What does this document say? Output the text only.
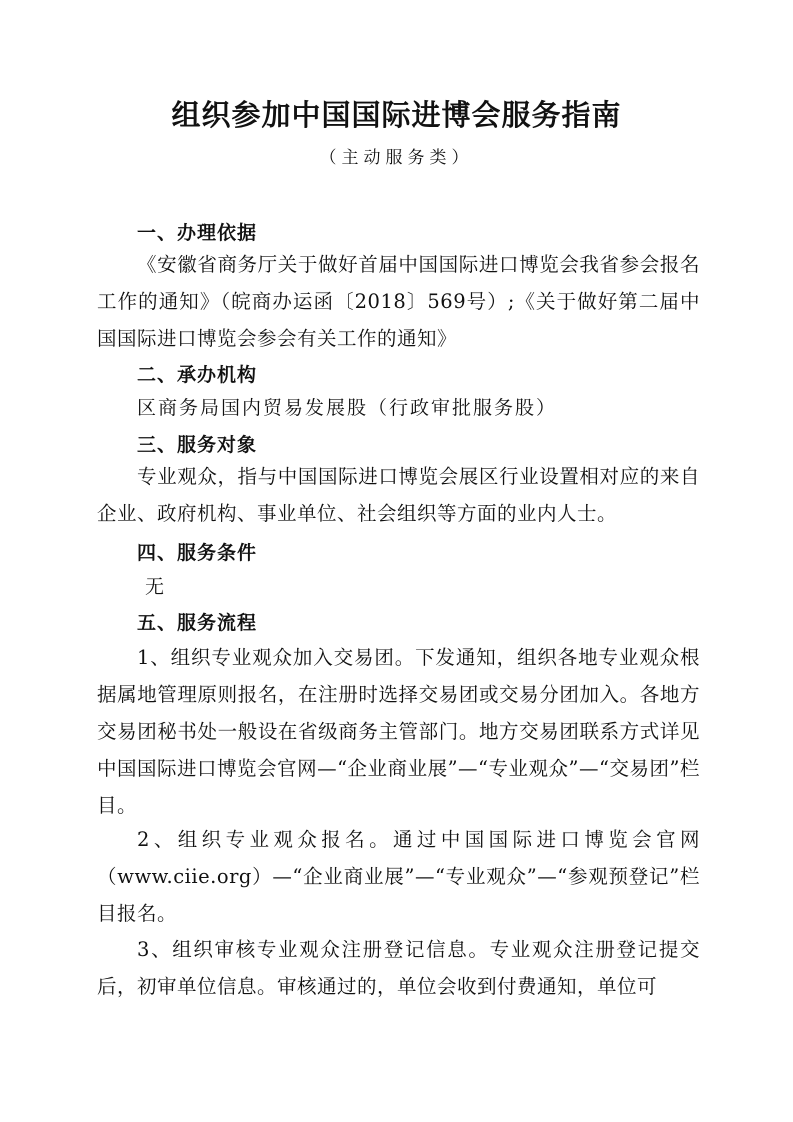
组织参加中国国际进博会服务指南
（主动服务类）
一、办理依据
《安徽省商务厅关于做好首届中国国际进口博览会我省参会报名工作的通知》（皖商办运函〔2018〕569号）;《关于做好第二届中国国际进口博览会参会有关工作的通知》
二、承办机构
区商务局国内贸易发展股（行政审批服务股）
三、服务对象
专业观众，指与中国国际进口博览会展区行业设置相对应的来自企业、政府机构、事业单位、社会组织等方面的业内人士。
四、服务条件
无
五、服务流程
1、组织专业观众加入交易团。下发通知，组织各地专业观众根据属地管理原则报名，在注册时选择交易团或交易分团加入。各地方交易团秘书处一般设在省级商务主管部门。地方交易团联系方式详见中国国际进口博览会官网—“企业商业展”—“专业观众”—“交易团”栏目。
2、组织专业观众报名。通过中国国际进口博览会官网（www.ciie.org）—“企业商业展”—“专业观众”—“参观预登记”栏目报名。
3、组织审核专业观众注册登记信息。专业观众注册登记提交后，初审单位信息。审核通过的，单位会收到付费通知，单位可
